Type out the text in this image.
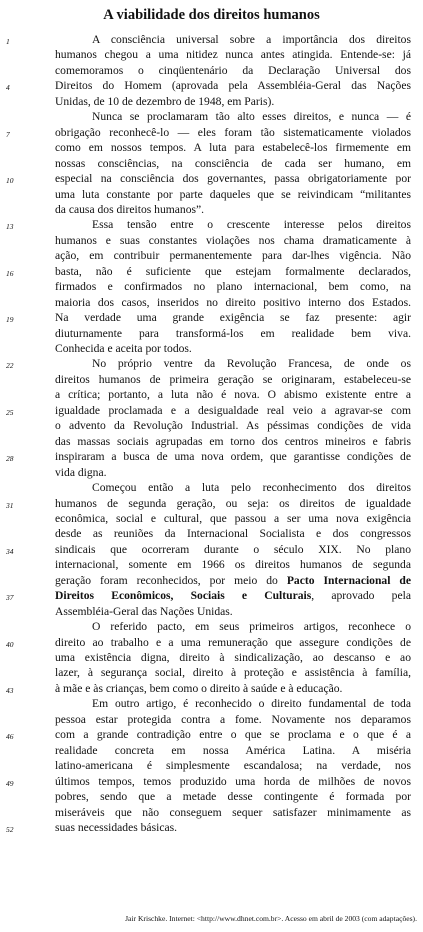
A viabilidade dos direitos humanos
A consciência universal sobre a importância dos direitos
humanos chegou a uma nitidez nunca antes atingida. Entende-se: já
comemoramos o cinqüentenário da Declaração Universal dos
Direitos do Homem (aprovada pela Assembléia-Geral das Nações
Unidas, de 10 de dezembro de 1948, em Paris).
Nunca se proclamaram tão alto esses direitos, e nunca — é
obrigação reconhecê-lo — eles foram tão sistematicamente violados
como em nossos tempos. A luta para estabelecê-los firmemente em
nossas consciências, na consciência de cada ser humano, em
especial na consciência dos governantes, passa obrigatoriamente por
uma luta constante por parte daqueles que se reivindicam “militantes
da causa dos direitos humanos”.
Essa tensão entre o crescente interesse pelos direitos
humanos e suas constantes violações nos chama dramaticamente à
ação, em contribuir permanentemente para dar-lhes vigência. Não
basta, não é suficiente que estejam formalmente declarados,
firmados e confirmados no plano internacional, bem como, na
maioria dos casos, inseridos no direito positivo interno dos Estados.
Na verdade uma grande exigência se faz presente: agir
diuturnamente para transformá-los em realidade bem viva.
Conhecida e aceita por todos.
No próprio ventre da Revolução Francesa, de onde os
direitos humanos de primeira geração se originaram, estabeleceu-se
a crítica; portanto, a luta não é nova. O abismo existente entre a
igualdade proclamada e a desigualdade real veio a agravar-se com
o advento da Revolução Industrial. As péssimas condições de vida
das massas sociais agrupadas em torno dos centros mineiros e fabris
inspiraram a busca de uma nova ordem, que garantisse condições de
vida digna.
Começou então a luta pelo reconhecimento dos direitos
humanos de segunda geração, ou seja: os direitos de igualdade
econômica, social e cultural, que passou a ser uma nova exigência
desde as reuniões da Internacional Socialista e dos congressos
sindicais que ocorreram durante o século XIX. No plano
internacional, somente em 1966 os direitos humanos de segunda
geração foram reconhecidos, por meio do Pacto Internacional de
Direitos Econômicos, Sociais e Culturais, aprovado pela
Assembléia-Geral das Nações Unidas.
O referido pacto, em seus primeiros artigos, reconhece o
direito ao trabalho e a uma remuneração que assegure condições de
uma existência digna, direito à sindicalização, ao descanso e ao
lazer, à segurança social, direito à proteção e assistência à família,
à mãe e às crianças, bem como o direito à saúde e à educação.
Em outro artigo, é reconhecido o direito fundamental de toda
pessoa estar protegida contra a fome. Novamente nos deparamos
com a grande contradição entre o que se proclama e o que é a
realidade concreta em nossa América Latina. A miséria
latino-americana é simplesmente escandalosa; na verdade, nos
últimos tempos, temos produzido uma horda de milhões de novos
pobres, sendo que a metade desse contingente é formada por
miseráveis que não conseguem sequer satisfazer minimamente as
suas necessidades básicas.
1
4
7
10
13
16
19
22
25
28
31
34
37
40
43
46
49
52
Jair Krischke. Internet: <http://www.dhnet.com.br>. Acesso em abril de 2003 (com adaptações).
